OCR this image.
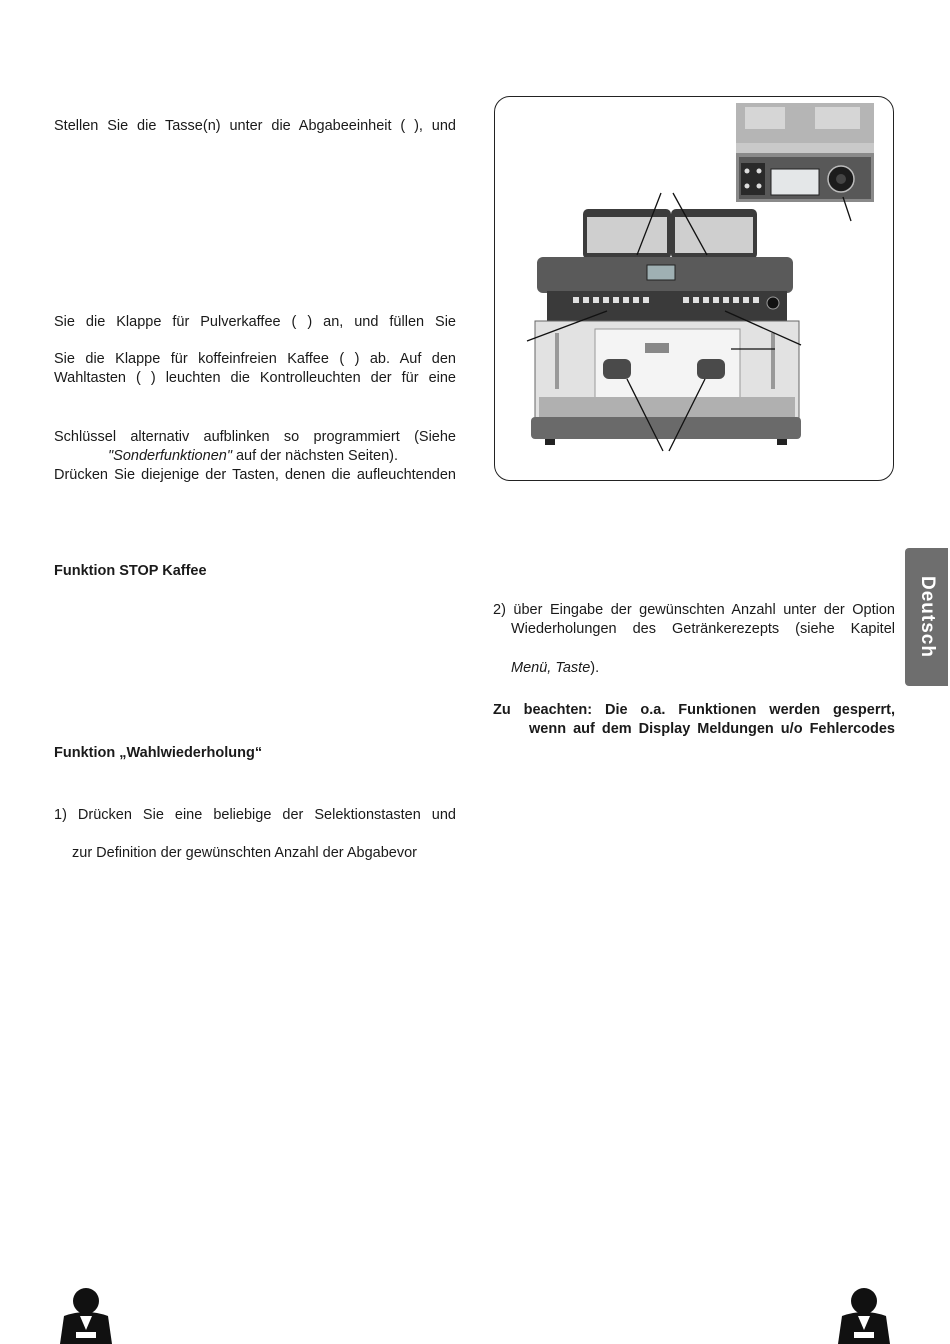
Stellen Sie die Tasse(n) unter die Abgabeeinheit ( ), und

Sie die Klappe für Pulverkaffee ( ) an, und füllen Sie

Sie die Klappe für koffeinfreien Kaffee ( ) ab. Auf den

Wahltasten ( ) leuchten die Kontrolleuchten der für eine

Schlüssel alternativ aufblinken so programmiert (Siehe

"Sonderfunktionen" auf der nächsten Seiten).

Drücken Sie diejenige der Tasten, denen die aufleuchtenden

Funktion STOP Kaffee

Funktion „Wahlwiederholung“

1) Drücken Sie eine beliebige der Selektionstasten und

zur Definition der gewünschten Anzahl der Abgabevor

2) über Eingabe der gewünschten Anzahl unter der Option

Wiederholungen des Getränkerezepts (siehe Kapitel

Menü, Taste).

Zu beachten: Die o.a. Funktionen werden gesperrt,

wenn auf dem Display Meldungen u/o Fehlercodes

Deutsch
